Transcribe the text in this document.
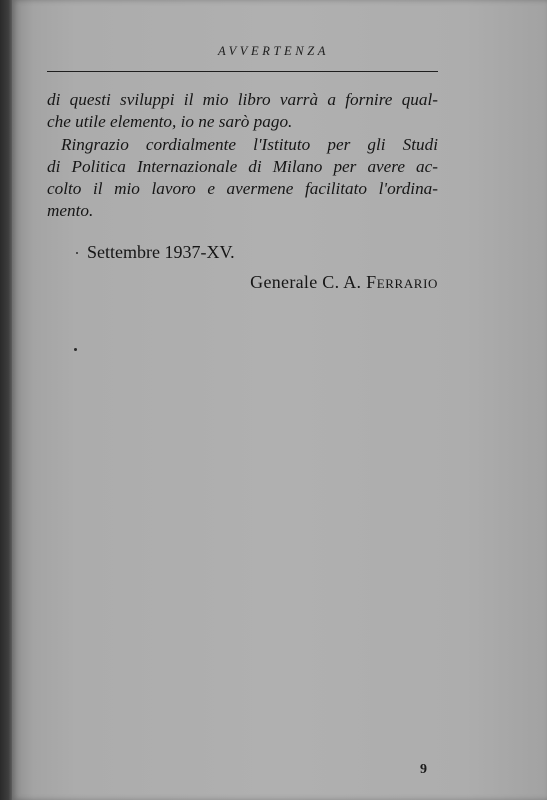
AVVERTENZA
di questi sviluppi il mio libro varrà a fornire qual-
che utile elemento, io ne sarò pago.
Ringrazio cordialmente l'Istituto per gli Studi
di Politica Internazionale di Milano per avere ac-
colto il mio lavoro e avermene facilitato l'ordina-
mento.
Settembre 1937-XV.
Generale C. A. Ferrario
9
